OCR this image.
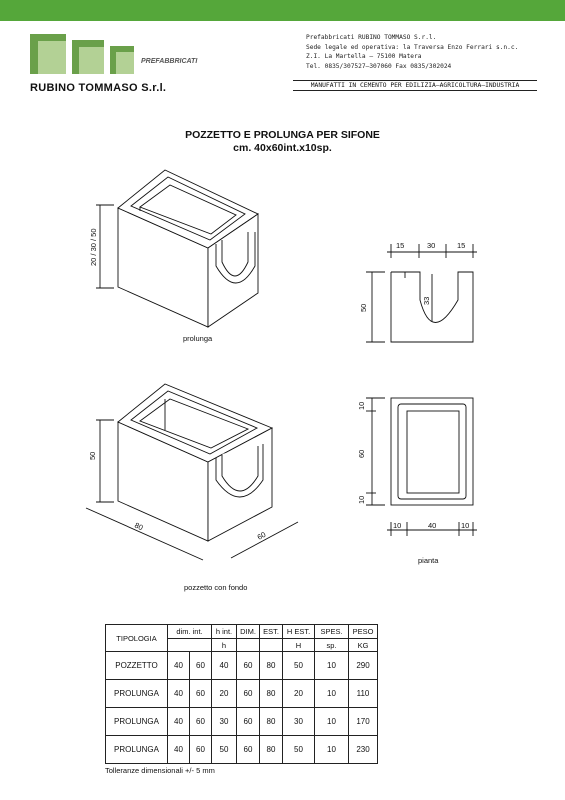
PREFABBRICATI
RUBINO TOMMASO S.r.l.
Prefabbricati RUBINO TOMMASO S.r.l.
Sede legale ed operativa: la Traversa Enzo Ferrari s.n.c.
Z.I. La Martella — 75100 Matera
Tel. 0835/307527—307060 Fax 0835/302024
MANUFATTI IN CEMENTO PER EDILIZIA—AGRICOLTURA—INDUSTRIA
POZZETTO E PROLUNGA PER SIFONE
cm. 40x60int.x10sp.
20 / 30 / 50	15	30	15
50
33
50
80
60
10
60
10
10	40	10
prolunga
pozzetto con fondo
pianta
TIPOLOGIA	dim. int.		h int.	DIM.	EST.	H EST.	SPES.	PESO
			h			H	sp.	KG
POZZETTO	40	60	40	60	80	50	10	290
PROLUNGA	40	60	20	60	80	20	10	110
PROLUNGA	40	60	30	60	80	30	10	170
PROLUNGA	40	60	50	60	80	50	10	230
Tolleranze dimensionali +/- 5 mm
